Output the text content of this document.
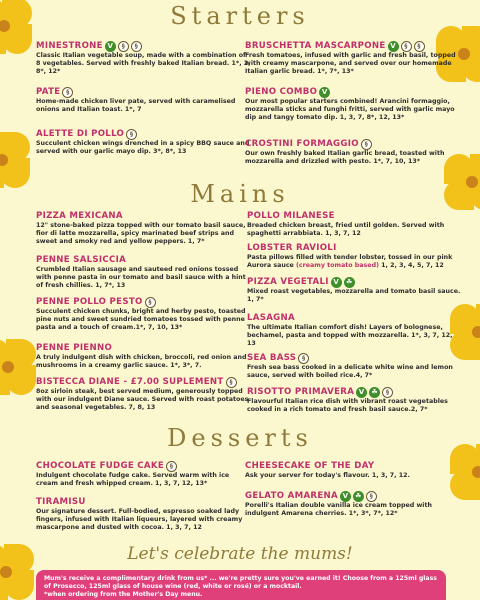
Starters
Mains
Desserts
MINESTRONE V	§	§
Classic Italian vegetable soup, made with a combination of 8 vegetables. Served with freshly baked Italian bread. 1*, 2, 8*, 12*
BRUSCHETTA MASCARPONE V	§	§
Fresh tomatoes, infused with garlic and fresh basil, topped with creamy mascarpone, and served over our homemade Italian garlic bread. 1*, 7*, 13*
PATE §
Home-made chicken liver pate, served with caramelised onions and Italian toast. 1*, 7
PIENO COMBO V
Our most popular starters combined! Arancini formaggio, mozzarella sticks and funghi fritti, served with garlic mayo dip and tangy tomato dip. 1, 3, 7, 8*, 12, 13*
ALETTE DI POLLO §
Succulent chicken wings drenched in a spicy BBQ sauce and served with our garlic mayo dip. 3*, 8*, 13
CROSTINI FORMAGGIO §
Our own freshly baked Italian garlic bread, toasted with mozzarella and drizzled with pesto. 1*, 7, 10, 13*
PIZZA MEXICANA
12" stone-baked pizza topped with our tomato basil sauce, fior di latte mozzarella, spicy marinated beef strips and sweet and smoky red and yellow peppers. 1, 7*
POLLO MILANESE
Breaded chicken breast, fried until golden. Served with spaghetti arrabbiata. 1, 3, 7, 12
PENNE SALSICCIA
Crumbled Italian sausage and sauteed red onions tossed with penne pasta in our tomato and basil sauce with a hint of fresh chillies. 1, 7*, 13
LOBSTER RAVIOLI
Pasta pillows filled with tender lobster, tossed in our pink Aurora sauce (creamy tomato based) 1, 2, 3, 4, 5, 7, 12
PENNE POLLO PESTO §
Succulent chicken chunks, bright and herby pesto, toasted pine nuts and sweet sundried tomatoes tossed with penne pasta and a touch of cream.1*, 7, 10, 13*
PIZZA VEGETALI V ☘
Mixed roast vegetables, mozzarella and tomato basil sauce. 1, 7*
PENNE PIENNO
A truly indulgent dish with chicken, broccoli, red onion and mushrooms in a creamy garlic sauce. 1*, 3*, 7.
LASAGNA
The ultimate Italian comfort dish! Layers of bolognese, bechamel, pasta and topped with mozzarella. 1*, 3, 7, 12, 13
BISTECCA DIANE - £7.00 SUPLEMENT §
8oz sirloin steak, best served medium, generously topped with our indulgent Diane sauce. Served with roast potatoes and seasonal vegetables. 7, 8, 13
SEA BASS §
Fresh sea bass cooked in a delicate white wine and lemon sauce, served with boiled rice.4, 7*
RISOTTO PRIMAVERA V ☘	§
Flavourful Italian rice dish with vibrant roast vegetables cooked in a rich tomato and fresh basil sauce.2, 7*
CHOCOLATE FUDGE CAKE §
Indulgent chocolate fudge cake. Served warm with ice cream and fresh whipped cream. 1, 3, 7, 12, 13*
CHEESECAKE OF THE DAY
Ask your server for today's flavour. 1, 3, 7, 12.
TIRAMISU
Our signature dessert. Full-bodied, espresso soaked lady fingers, infused with Italian liqueurs, layered with creamy mascarpone and dusted with cocoa. 1, 3, 7, 12
GELATO AMARENA V ☘	§
Porelli's Italian double vanilla ice cream topped with indulgent Amarena cherries. 1*, 3*, 7*, 12*
Let's celebrate the mums!
Mum's receive a complimentary drink from us* ... we're pretty sure you've earned it! Choose from a 125ml glass of Prosecco, 125ml glass of house wine (red, white or rosé) or a mocktail.
*when ordering from the Mother's Day menu.
